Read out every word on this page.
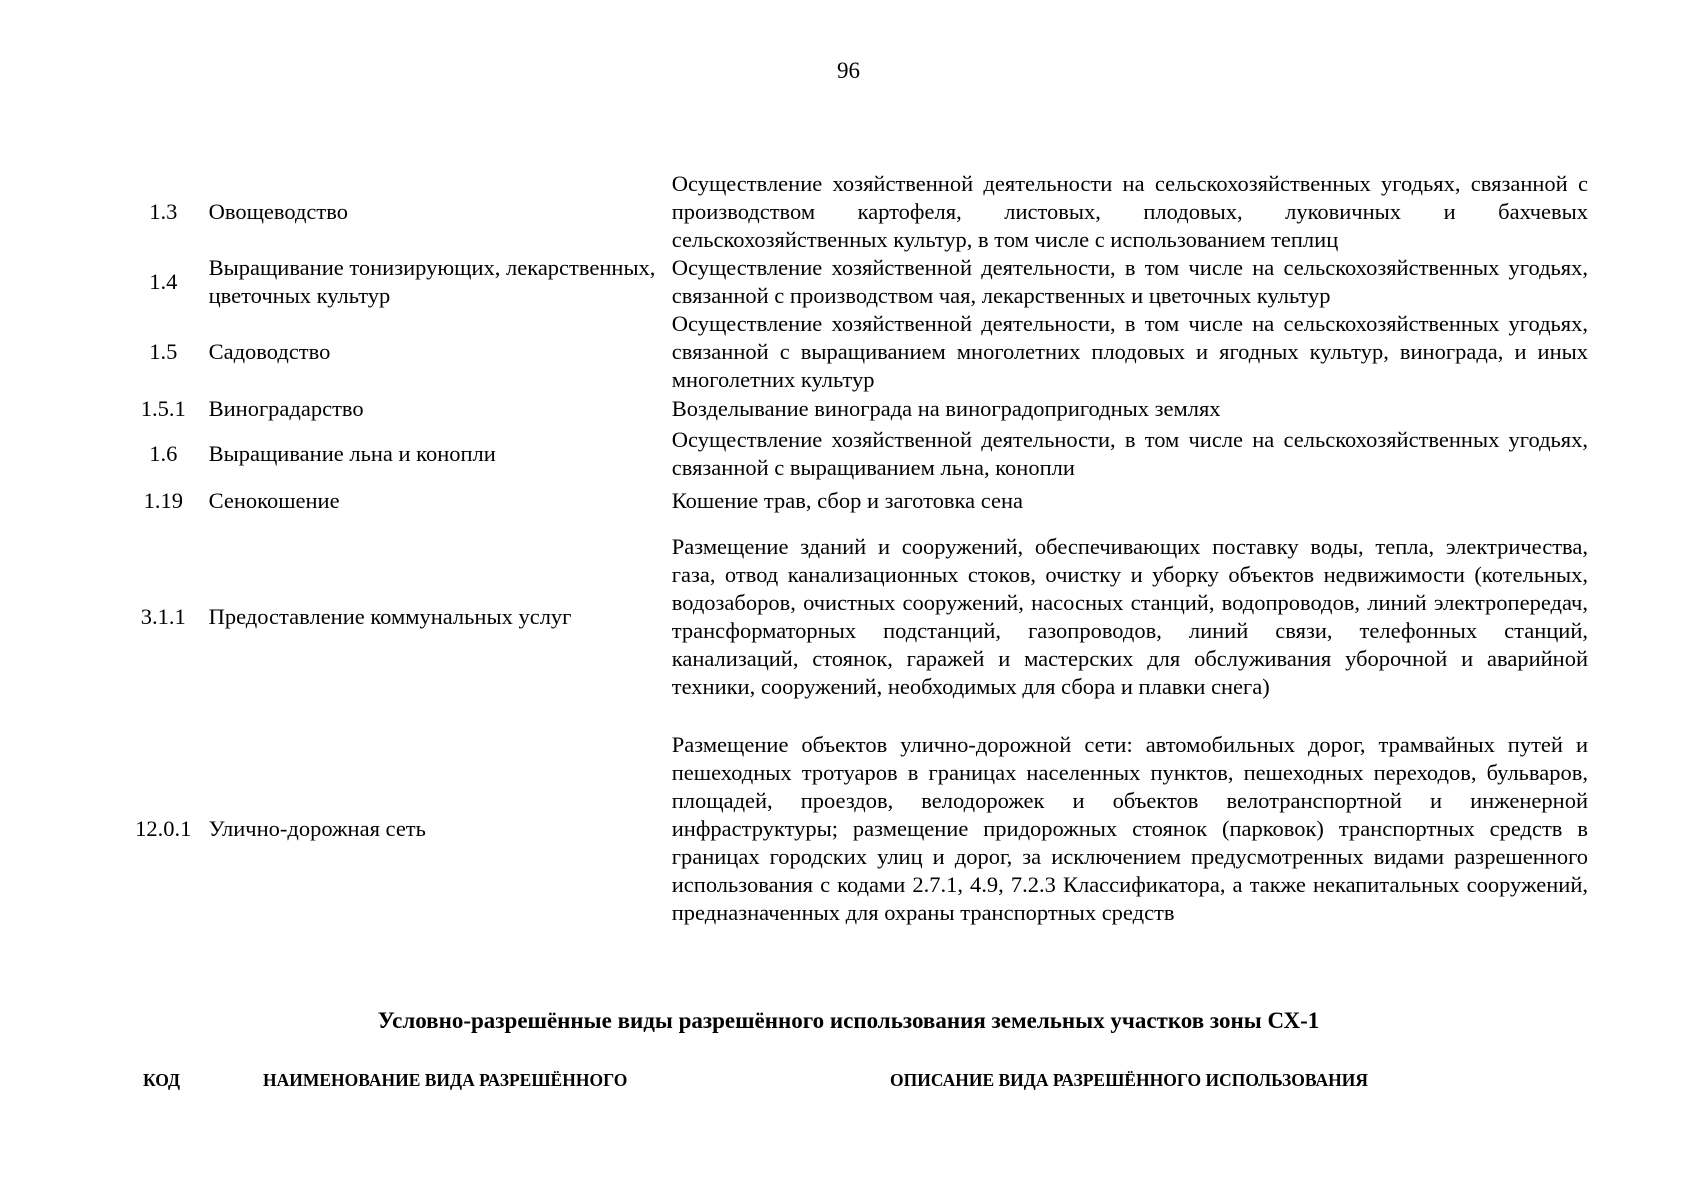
96
1.3	Овощеводство	Осуществление хозяйственной деятельности на сельскохозяйственных угодьях, связанной с производством картофеля, листовых, плодовых, луковичных и бахчевых сельскохозяйственных культур, в том числе с использованием теплиц
1.4	Выращивание тонизирующих, лекарственных, цветочных культур	Осуществление хозяйственной деятельности, в том числе на сельскохозяйственных угодьях, связанной с производством чая, лекарственных и цветочных культур
1.5	Садоводство	Осуществление хозяйственной деятельности, в том числе на сельскохозяйственных угодьях, связанной с выращиванием многолетних плодовых и ягодных культур, винограда, и иных многолетних культур
1.5.1	Виноградарство	Возделывание винограда на виноградопригодных землях
1.6	Выращивание льна и конопли	Осуществление хозяйственной деятельности, в том числе на сельскохозяйственных угодьях, связанной с выращиванием льна, конопли
1.19	Сенокошение	Кошение трав, сбор и заготовка сена
3.1.1	Предоставление коммунальных услуг	Размещение зданий и сооружений, обеспечивающих поставку воды, тепла, электричества, газа, отвод канализационных стоков, очистку и уборку объектов недвижимости (котельных, водозаборов, очистных сооружений, насосных станций, водопроводов, линий электропередач, трансформаторных подстанций, газопроводов, линий связи, телефонных станций, канализаций, стоянок, гаражей и мастерских для обслуживания уборочной и аварийной техники, сооружений, необходимых для сбора и плавки снега)
12.0.1	Улично-дорожная сеть	Размещение объектов улично-дорожной сети: автомобильных дорог, трамвайных путей и пешеходных тротуаров в границах населенных пунктов, пешеходных переходов, бульваров, площадей, проездов, велодорожек и объектов велотранспортной и инженерной инфраструктуры; размещение придорожных стоянок (парковок) транспортных средств в границах городских улиц и дорог, за исключением предусмотренных видами разрешенного использования с кодами 2.7.1, 4.9, 7.2.3 Классификатора, а также некапитальных сооружений, предназначенных для охраны транспортных средств
Условно-разрешённые виды разрешённого использования земельных участков зоны СХ-1
КОД	НАИМЕНОВАНИЕ ВИДА РАЗРЕШЁННОГО	ОПИСАНИЕ ВИДА РАЗРЕШЁННОГО ИСПОЛЬЗОВАНИЯ
